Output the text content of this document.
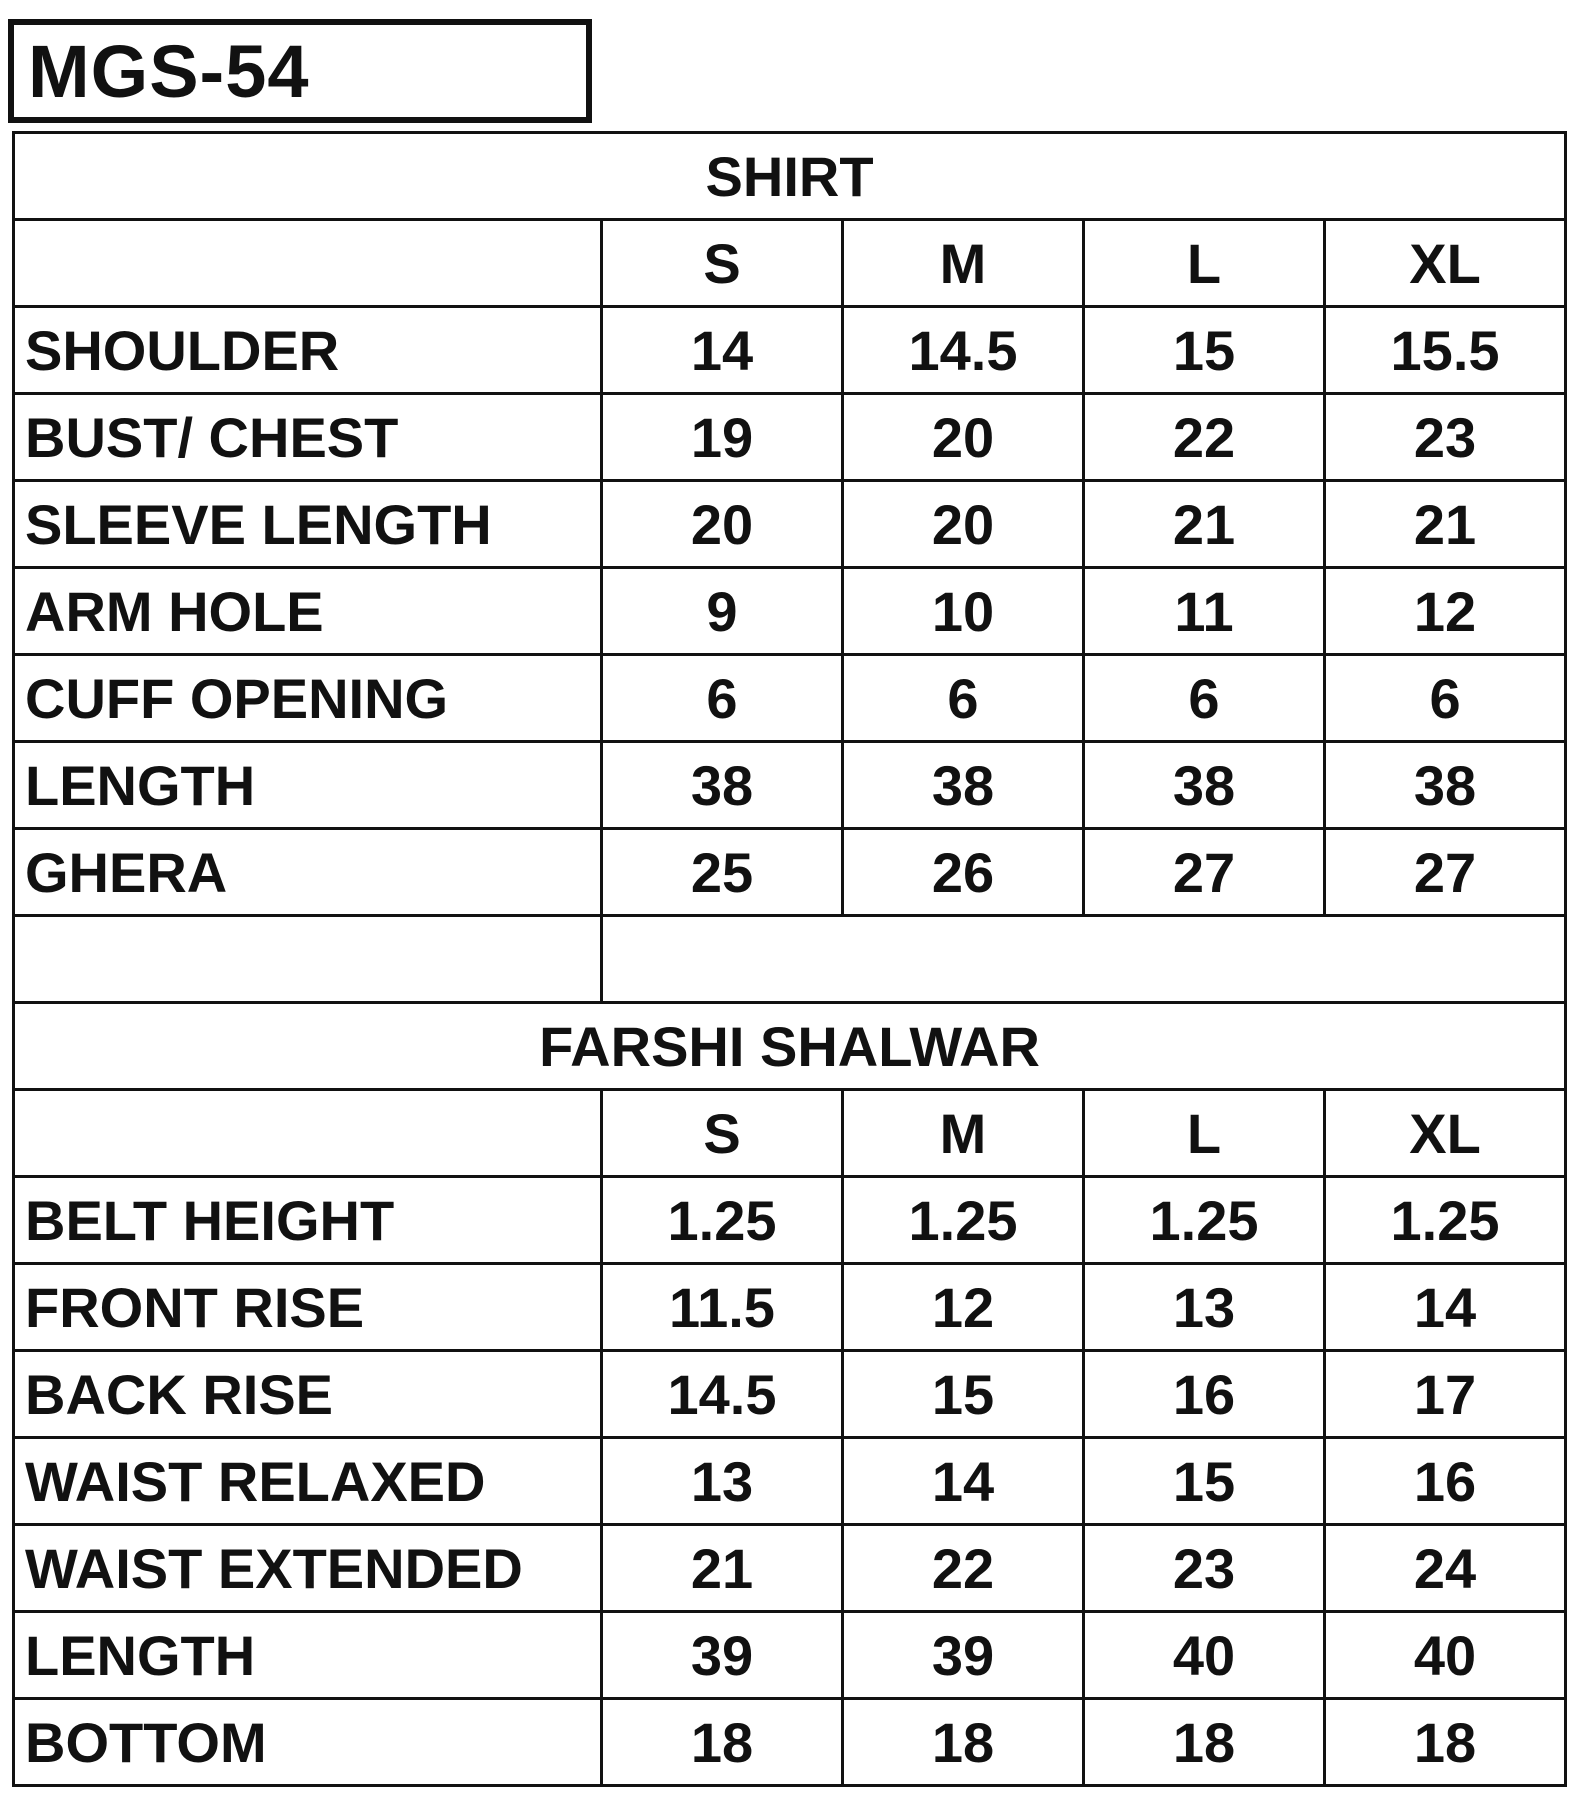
MGS-54
SHIRT				
	S	M	L	XL
SHOULDER	14	14.5	15	15.5
BUST/ CHEST	19	20	22	23
SLEEVE LENGTH	20	20	21	21
ARM HOLE	9	10	11	12
CUFF OPENING	6	6	6	6
LENGTH	38	38	38	38
GHERA	25	26	27	27

FARSHI SHALWAR				
	S	M	L	XL
BELT HEIGHT	1.25	1.25	1.25	1.25
FRONT RISE	11.5	12	13	14
BACK RISE	14.5	15	16	17
WAIST RELAXED	13	14	15	16
WAIST EXTENDED	21	22	23	24
LENGTH	39	39	40	40
BOTTOM	18	18	18	18
